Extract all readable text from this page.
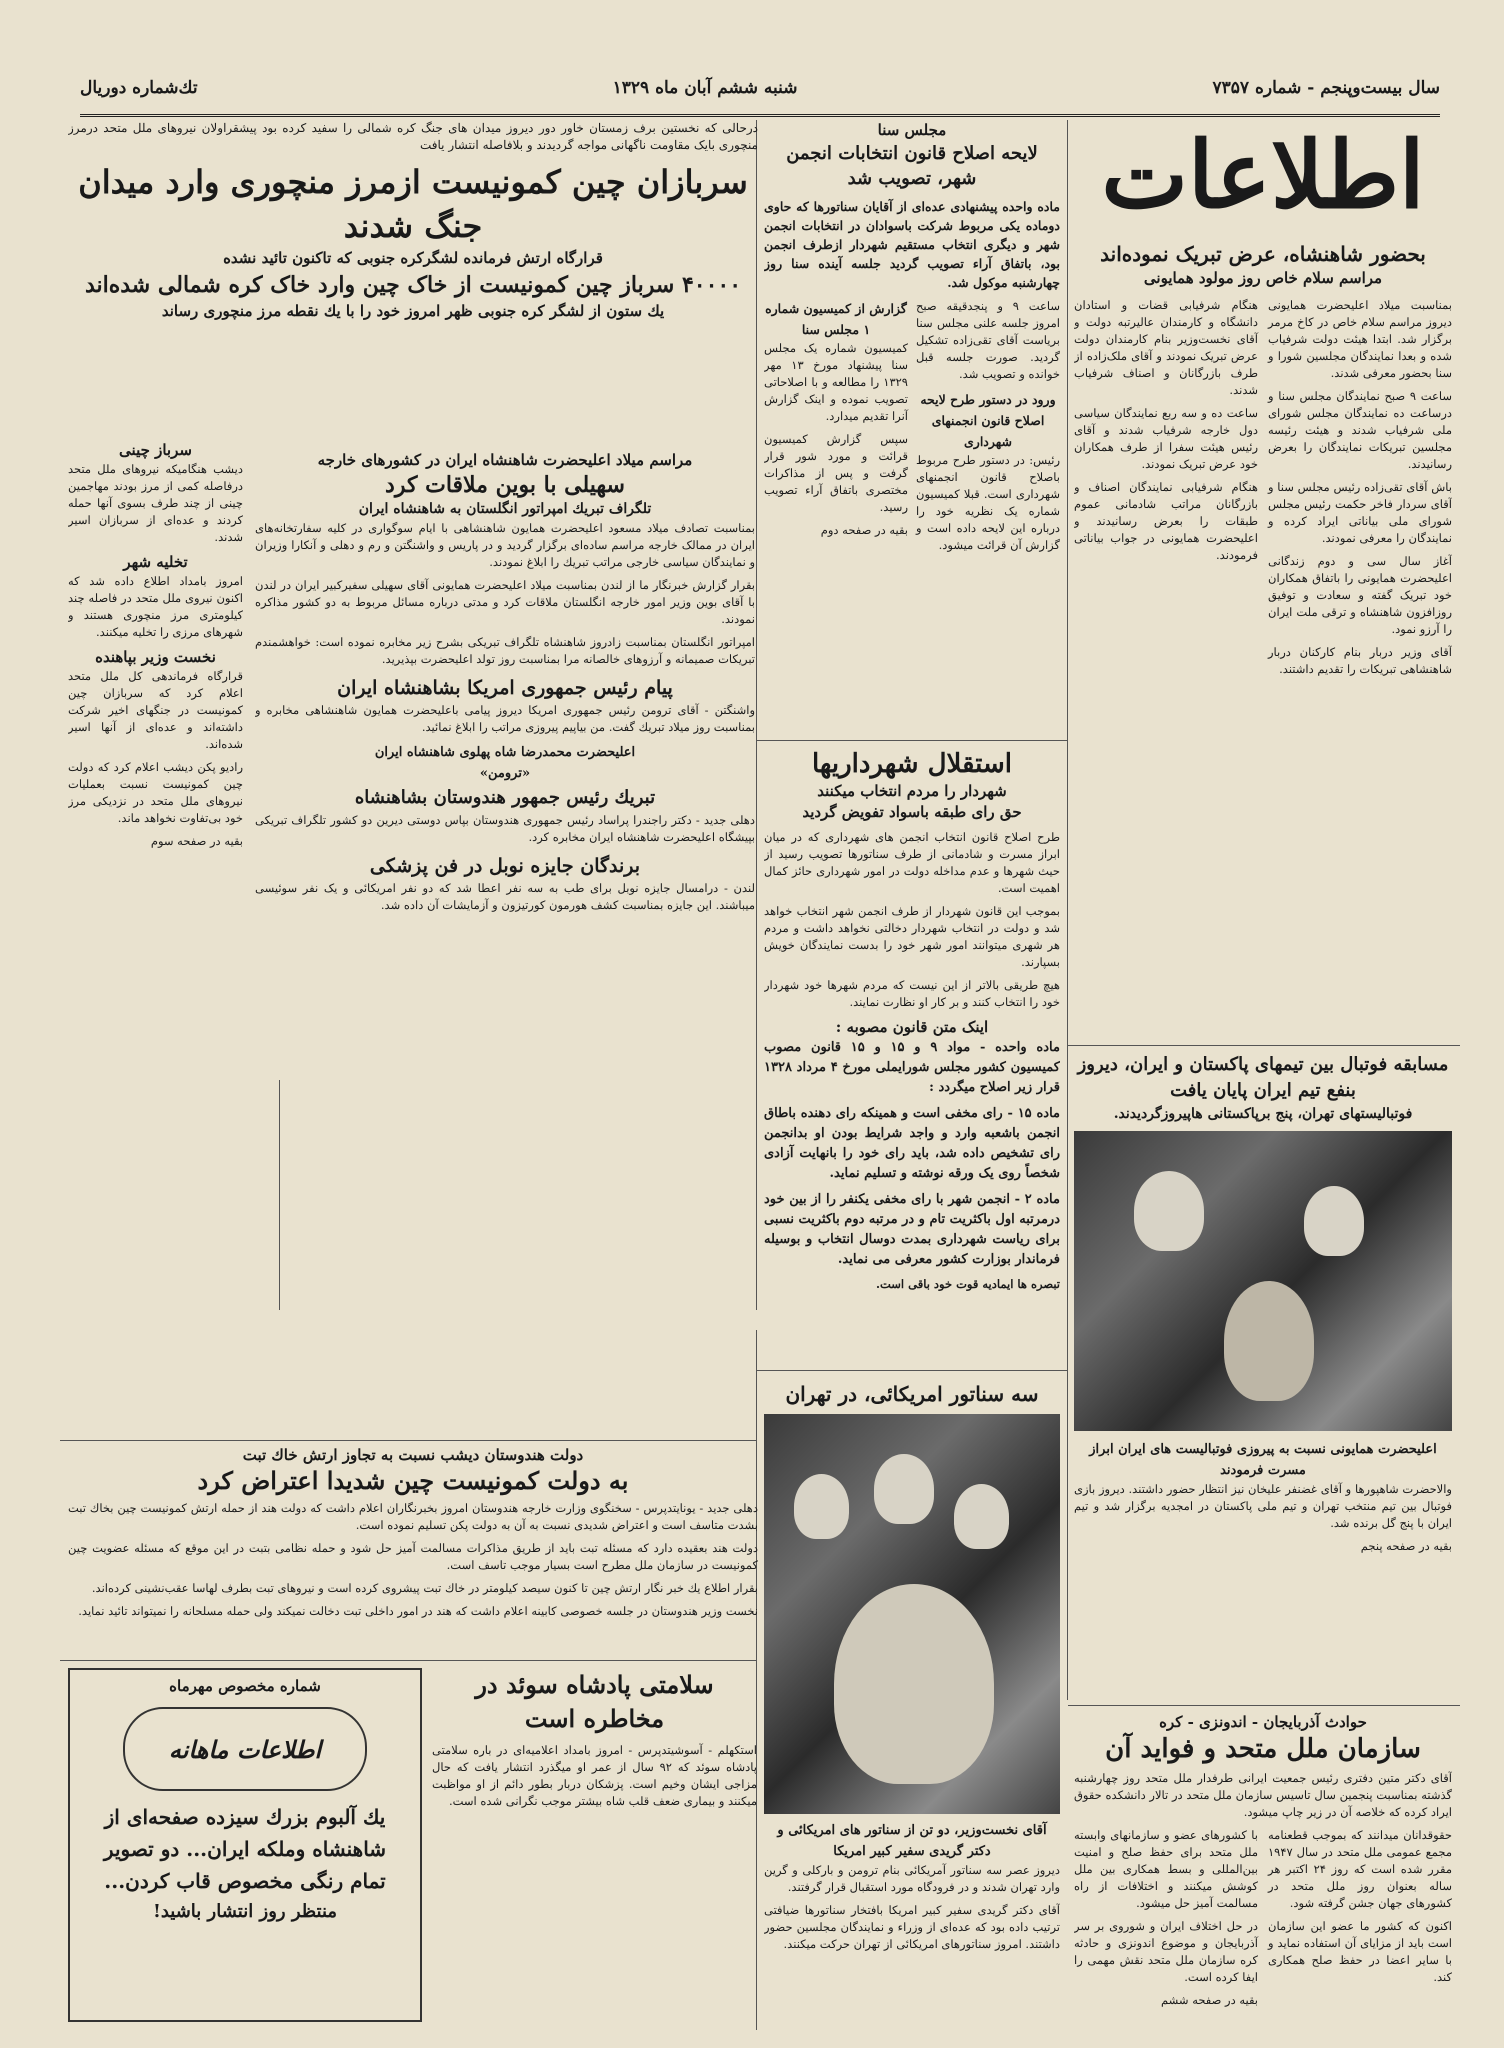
سال بیست‌و‌پنجم - شماره ۷۳۵۷
شنبه ششم آبان ماه ۱۳۲۹
تك‌شماره دوریال
اطلاعات
بحضور شاهنشاه، عرض تبریک نموده‌اند
مراسم سلام خاص روز مولود همایونی

بمناسبت میلاد اعلیحضرت همایونی دیروز مراسم سلام خاص در کاخ مرمر برگزار شد. ابتدا هیئت دولت شرفیاب شده و بعدا نمایندگان مجلسین شورا و سنا بحضور معرفی شدند.

ساعت ۹ صبح نمایندگان مجلس سنا و درساعت ده نمایندگان مجلس شورای ملی شرفیاب شدند و هیئت رئیسه مجلسین تبریکات نمایندگان را بعرض رسانیدند.

باش آقای تقی‌زاده رئیس مجلس سنا و آقای سردار فاخر حکمت رئیس مجلس شورای ملی بیاناتی ایراد کرده و نمایندگان را معرفی نمودند.

آغاز سال سی و دوم زندگانی اعلیحضرت همایونی را باتفاق همکاران خود تبریک گفته و سعادت و توفیق روزافزون شاهنشاه و ترقی ملت ایران را آرزو نمود.

آقای وزیر دربار بنام کارکنان دربار شاهنشاهی تبریکات را تقدیم داشتند.

هنگام شرفیابی قضات و استادان دانشگاه و کارمندان عالیرتبه دولت و آقای نخست‌وزیر بنام کارمندان دولت عرض تبریک نمودند و آقای ملک‌زاده از طرف بازرگانان و اصناف شرفیاب شدند.

ساعت ده و سه ربع نمایندگان سیاسی دول خارجه شرفیاب شدند و آقای رئیس هیئت سفرا از طرف همکاران خود عرض تبریک نمودند.

هنگام شرفیابی نمایندگان اصناف و بازرگانان مراتب شادمانی عموم طبقات را بعرض رسانیدند و اعلیحضرت همایونی در جواب بیاناتی فرمودند.

مسابقه فوتبال بین تیمهای پاکستان و ایران، دیروز بنفع تیم ایران پایان یافت
فوتبالیستهای تهران، پنج برپاکستانی هاپیروزگردیدند.
اعلیحضرت همایونی نسبت به پیروزی فوتبالیست های ایران ابراز مسرت فرمودند

والاحضرت شاهپورها و آقای غضنفر علیخان نیز انتظار حضور داشتند. دیروز بازی فوتبال بین تیم منتخب تهران و تیم ملی پاکستان در امجدیه برگزار شد و تیم ایران با پنج گل برنده شد.

بقیه در صفحه پنجم

حوادث آذربایجان - اندونزی - کره
سازمان ملل متحد و فواید آن

آقای دکتر متین دفتری رئیس جمعیت ایرانی طرفدار ملل متحد روز چهارشنبه گذشته بمناسبت پنجمین سال تاسیس سازمان ملل متحد در تالار دانشکده حقوق ایراد کرده که خلاصه آن در زیر چاپ میشود.

حقوقدانان میدانند که بموجب قطعنامه مجمع عمومی ملل متحد در سال ۱۹۴۷ مقرر شده است که روز ۲۴ اکتبر هر ساله بعنوان روز ملل متحد در کشورهای جهان جشن گرفته شود.

اکنون که کشور ما عضو این سازمان است باید از مزایای آن استفاده نماید و با سایر اعضا در حفظ صلح همکاری کند.

با کشورهای عضو و سازمانهای وابسته ملل متحد برای حفظ صلح و امنیت بین‌المللی و بسط همکاری بین ملل کوشش میکنند و اختلافات از راه مسالمت آمیز حل میشود.

در حل اختلاف ایران و شوروی بر سر آذربایجان و موضوع اندونزی و حادثه کره سازمان ملل متحد نقش مهمی را ایفا کرده است.

بقیه در صفحه ششم

مجلس سنا
لایحه اصلاح قانون انتخابات انجمن شهر، تصویب شد

ماده واحده پیشنهادی عده‌ای از آقایان سناتورها که حاوی دوماده یکی مربوط شرکت باسوادان در انتخابات انجمن شهر و دیگری انتخاب مستقیم شهردار ازطرف انجمن بود، باتفاق آراء تصویب گردید جلسه آینده سنا روز چهارشنبه موکول شد.

ساعت ۹ و پنجدقیقه صبح امروز جلسه علنی مجلس سنا بریاست آقای تقی‌زاده تشکیل گردید. صورت جلسه قبل خوانده و تصویب شد.

ورود در دستور طرح لایحه اصلاح قانون انجمنهای شهرداری

رئیس: در دستور طرح مربوط باصلاح قانون انجمنهای شهرداری است. قبلا کمیسیون شماره یک نظریه خود را درباره این لایحه داده است و گزارش آن قرائت میشود.

گزارش از کمیسیون شماره ۱ مجلس سنا

کمیسیون شماره یک مجلس سنا پیشنهاد مورخ ۱۳ مهر ۱۳۲۹ را مطالعه و با اصلاحاتی تصویب نموده و اینک گزارش آنرا تقدیم میدارد.

سپس گزارش کمیسیون قرائت و مورد شور قرار گرفت و پس از مذاکرات مختصری باتفاق آراء تصویب رسید.

بقیه در صفحه دوم

استقلال شهرداریها
شهردار را مردم انتخاب میکنند
حق رای طبقه باسواد تفویض گردید

طرح اصلاح قانون انتخاب انجمن های شهرداری که در میان ابراز مسرت و شادمانی از طرف سناتورها تصویب رسید از حیث شهرها و عدم مداخله دولت در امور شهرداری حائز کمال اهمیت است.

بموجب این قانون شهردار از طرف انجمن شهر انتخاب خواهد شد و دولت در انتخاب شهردار دخالتی نخواهد داشت و مردم هر شهری میتوانند امور شهر خود را بدست نمایندگان خویش بسپارند.

هیچ طریقی بالاتر از این نیست که مردم شهرها خود شهردار خود را انتخاب کنند و بر کار او نظارت نمایند.

اینک متن قانون مصوبه :

ماده واحده - مواد ۹ و ۱۵ و ۱۵ قانون مصوب کمیسیون کشور مجلس شورایملی مورخ ۴ مرداد ۱۳۲۸ قرار زیر اصلاح میگردد :

ماده ۱۵ - رای مخفی است و همینکه رای دهنده باطاق انجمن باشعبه وارد و واجد شرایط بودن او بدانجمن رای تشخیص داده شد، باید رای خود را بانهایت آزادی شخصاً روی یک ورقه نوشته و تسلیم نماید.

ماده ۲ - انجمن شهر با رای مخفی یکنفر را از بین خود درمرتبه اول باکثریت تام و در مرتبه دوم باکثریت نسبی برای ریاست شهرداری بمدت دوسال انتخاب و بوسیله فرماندار بوزارت کشور معرفی می نماید.

تبصره ها ایمادیه قوت خود باقی است.

سه سناتور امریکائی، در تهران
آقای نخست‌وزیر، دو تن از سناتور های امریکائی و دکتر گریدی سفیر کبیر امریکا

دیروز عصر سه سناتور آمریکائی بنام ترومن و بارکلی و گرین وارد تهران شدند و در فرودگاه مورد استقبال قرار گرفتند.

آقای دکتر گریدی سفیر کبیر امریکا بافتخار سناتورها ضیافتی ترتیب داده بود که عده‌ای از وزراء و نمایندگان مجلسین حضور داشتند. امروز سناتورهای امریکائی از تهران حرکت میکنند.

درحالی که نخستین برف زمستان خاور دور دیروز میدان های جنگ کره شمالی را سفید کرده بود پیشقراولان نیروهای ملل متحد درمرز منچوری بایک مقاومت ناگهانی مواجه گردیدند و بلافاصله انتشار یافت

سربازان چین کمونیست ازمرز منچوری وارد میدان جنگ شدند
قرارگاه ارتش فرمانده لشگرکره جنوبی که تاکنون تائید نشده
۴۰۰۰۰ سرباز چین کمونیست از خاک چین وارد خاک کره شمالی شده‌اند
یك ستون از لشگر کره جنوبی ظهر امروز خود را با یك نقطه مرز منچوری رساند
سرباز چینی

دیشب هنگامیکه نیروهای ملل متحد درفاصله کمی از مرز بودند مهاجمین چینی از چند طرف بسوی آنها حمله کردند و عده‌ای از سربازان اسیر شدند.

تخلیه شهر

امروز بامداد اطلاع داده شد که اکنون نیروی ملل متحد در فاصله چند کیلومتری مرز منچوری هستند و شهرهای مرزی را تخلیه میکنند.

نخست وزیر بپاهنده

قرارگاه فرماندهی کل ملل متحد اعلام کرد که سربازان چین کمونیست در جنگهای اخیر شرکت داشته‌اند و عده‌ای از آنها اسیر شده‌اند.

رادیو پکن دیشب اعلام کرد که دولت چین کمونیست نسبت بعملیات نیروهای ملل متحد در نزدیکی مرز خود بی‌تفاوت نخواهد ماند.

بقیه در صفحه سوم

مراسم میلاد اعلیحضرت شاهنشاه ایران در کشورهای خارجه
سهیلی با بوین ملاقات کرد
تلگراف تبریك امپراتور انگلستان به شاهنشاه ایران

بمناسبت تصادف میلاد مسعود اعلیحضرت همایون شاهنشاهی با ایام سوگواری در کلیه سفارتخانه‌های ایران در ممالک خارجه مراسم ساده‌ای برگزار گردید و در پاریس و واشنگتن و رم و دهلی و آنکارا وزیران و نمایندگان سیاسی خارجی مراتب تبریك را ابلاغ نمودند.

بقرار گزارش خبرنگار ما از لندن بمناسبت میلاد اعلیحضرت همایونی آقای سهیلی سفیرکبیر ایران در لندن با آقای بوین وزیر امور خارجه انگلستان ملاقات کرد و مدتی درباره مسائل مربوط به دو کشور مذاکره نمودند.

امپراتور انگلستان بمناسبت زادروز شاهنشاه تلگراف تبریکی بشرح زیر مخابره نموده است: خواهشمندم تبریکات صمیمانه و آرزوهای خالصانه مرا بمناسبت روز تولد اعلیحضرت بپذیرید.

پیام رئیس جمهوری امریکا بشاهنشاه ایران

واشنگتن - آقای ترومن رئیس جمهوری امریکا دیروز پیامی باعلیحضرت همایون شاهنشاهی مخابره و بمناسبت روز میلاد تبریك گفت. من بیاپیم پیروزی مراتب را ابلاغ نمائید.

اعلیحضرت محمدرضا شاه پهلوی شاهنشاه ایران
«ترومن»
تبریك رئیس جمهور هندوستان بشاهنشاه

دهلی جدید - دکتر راجندرا پراساد رئیس جمهوری هندوستان بپاس دوستی دیرین دو کشور تلگراف تبریکی بپیشگاه اعلیحضرت شاهنشاه ایران مخابره کرد.

برندگان جایزه نوبل در فن پزشکی

لندن - درامسال جایزه نوبل برای طب به سه نفر اعطا شد که دو نفر امریکائی و یک نفر سوئیسی میباشند. این جایزه بمناسبت کشف هورمون کورتیزون و آزمایشات آن داده شد.

دولت هندوستان دیشب نسبت به تجاوز ارتش خاك تبت
به دولت کمونیست چین شدیدا اعتراض کرد

دهلی جدید - یونایتدپرس - سخنگوی وزارت خارجه هندوستان امروز بخبرنگاران اعلام داشت که دولت هند از حمله ارتش کمونیست چین بخاك تبت بشدت متاسف است و اعتراض شدیدی نسبت به آن به دولت پکن تسلیم نموده است.

دولت هند بعقیده دارد که مسئله تبت باید از طریق مذاکرات مسالمت آمیز حل شود و حمله نظامی بتبت در این موقع که مسئله عضویت چین کمونیست در سازمان ملل مطرح است بسیار موجب تاسف است.

بقرار اطلاع یك خبر نگار ارتش چین تا کنون سیصد کیلومتر در خاك تبت پیشروی کرده است و نیروهای تبت بطرف لهاسا عقب‌نشینی کرده‌اند.

نخست وزیر هندوستان در جلسه خصوصی کابینه اعلام داشت که هند در امور داخلی تبت دخالت نمیکند ولی حمله مسلحانه را نمیتواند تائید نماید.

سلامتی پادشاه سوئد در مخاطره است

استکهلم - آسوشیتدپرس - امروز بامداد اعلامیه‌ای در باره سلامتی پادشاه سوئد که ۹۲ سال از عمر او میگذرد انتشار یافت که حال مزاجی ایشان وخیم است. پزشکان دربار بطور دائم از او مواظبت میکنند و بیماری ضعف قلب شاه بیشتر موجب نگرانی شده است.

شماره مخصوص مهرماه
اطلاعات ماهانه
یك آلبوم بزرك سیزده صفحه‌ای از
شاهنشاه وملکه ایران... دو تصویر
تمام رنگی مخصوص قاب کردن...
منتظر روز انتشار باشید!
